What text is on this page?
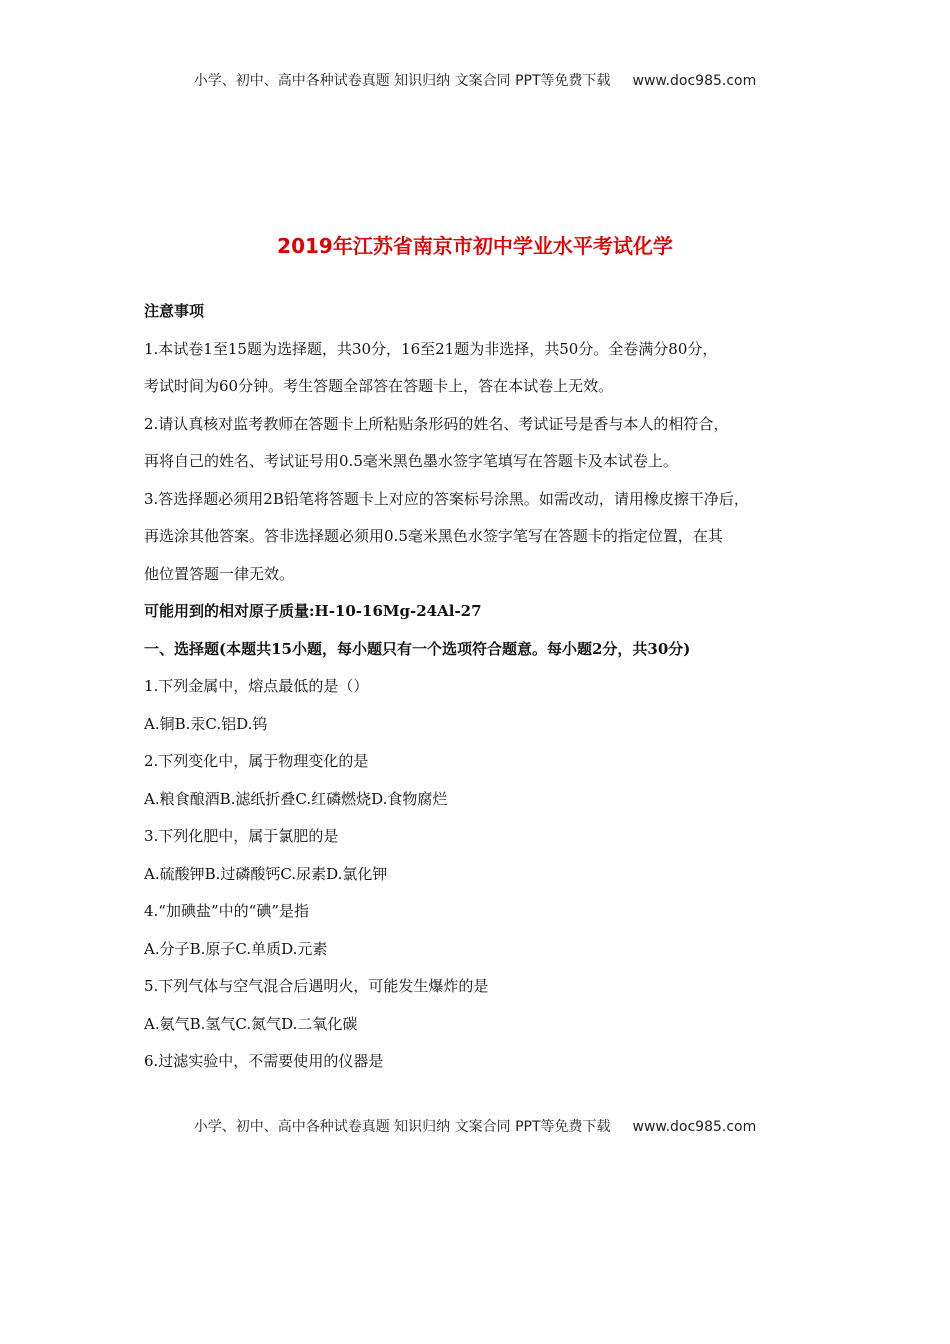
小学、初中、高中各种试卷真题 知识归纳 文案合同 PPT等免费下载 www.doc985.com
2019年江苏省南京市初中学业水平考试化学
注意事项
1.本试卷1至15题为选择题，共30分，16至21题为非选择，共50分。全卷满分80分，
考试时间为60分钟。考生答题全部答在答题卡上，答在本试卷上无效。
2.请认真核对监考教师在答题卡上所粘贴条形码的姓名、考试证号是香与本人的相符合，
再将自己的姓名、考试证号用0.5毫米黑色墨水签字笔填写在答题卡及本试卷上。
3.答选择题必须用2B铅笔将答题卡上对应的答案标号涂黑。如需改动，请用橡皮擦干净后，
再选涂其他答案。答非选择题必须用0.5毫米黑色水签字笔写在答题卡的指定位置，在其
他位置答题一律无效。
可能用到的相对原子质量:H-10-16Mg-24Al-27
一、选择题(本题共15小题，每小题只有一个选项符合题意。每小题2分，共30分)
1.下列金属中，熔点最低的是（）
A.铜B.汞C.铝D.钨
2.下列变化中，属于物理变化的是
A.粮食酿酒B.滤纸折叠C.红磷燃烧D.食物腐烂
3.下列化肥中，属于氯肥的是
A.硫酸钾B.过磷酸钙C.尿素D.氯化钾
4.“加碘盐”中的“碘”是指
A.分子B.原子C.单质D.元素
5.下列气体与空气混合后遇明火，可能发生爆炸的是
A.氨气B.氢气C.氮气D.二氧化碳
6.过滤实验中，不需要使用的仪器是
小学、初中、高中各种试卷真题 知识归纳 文案合同 PPT等免费下载 www.doc985.com
